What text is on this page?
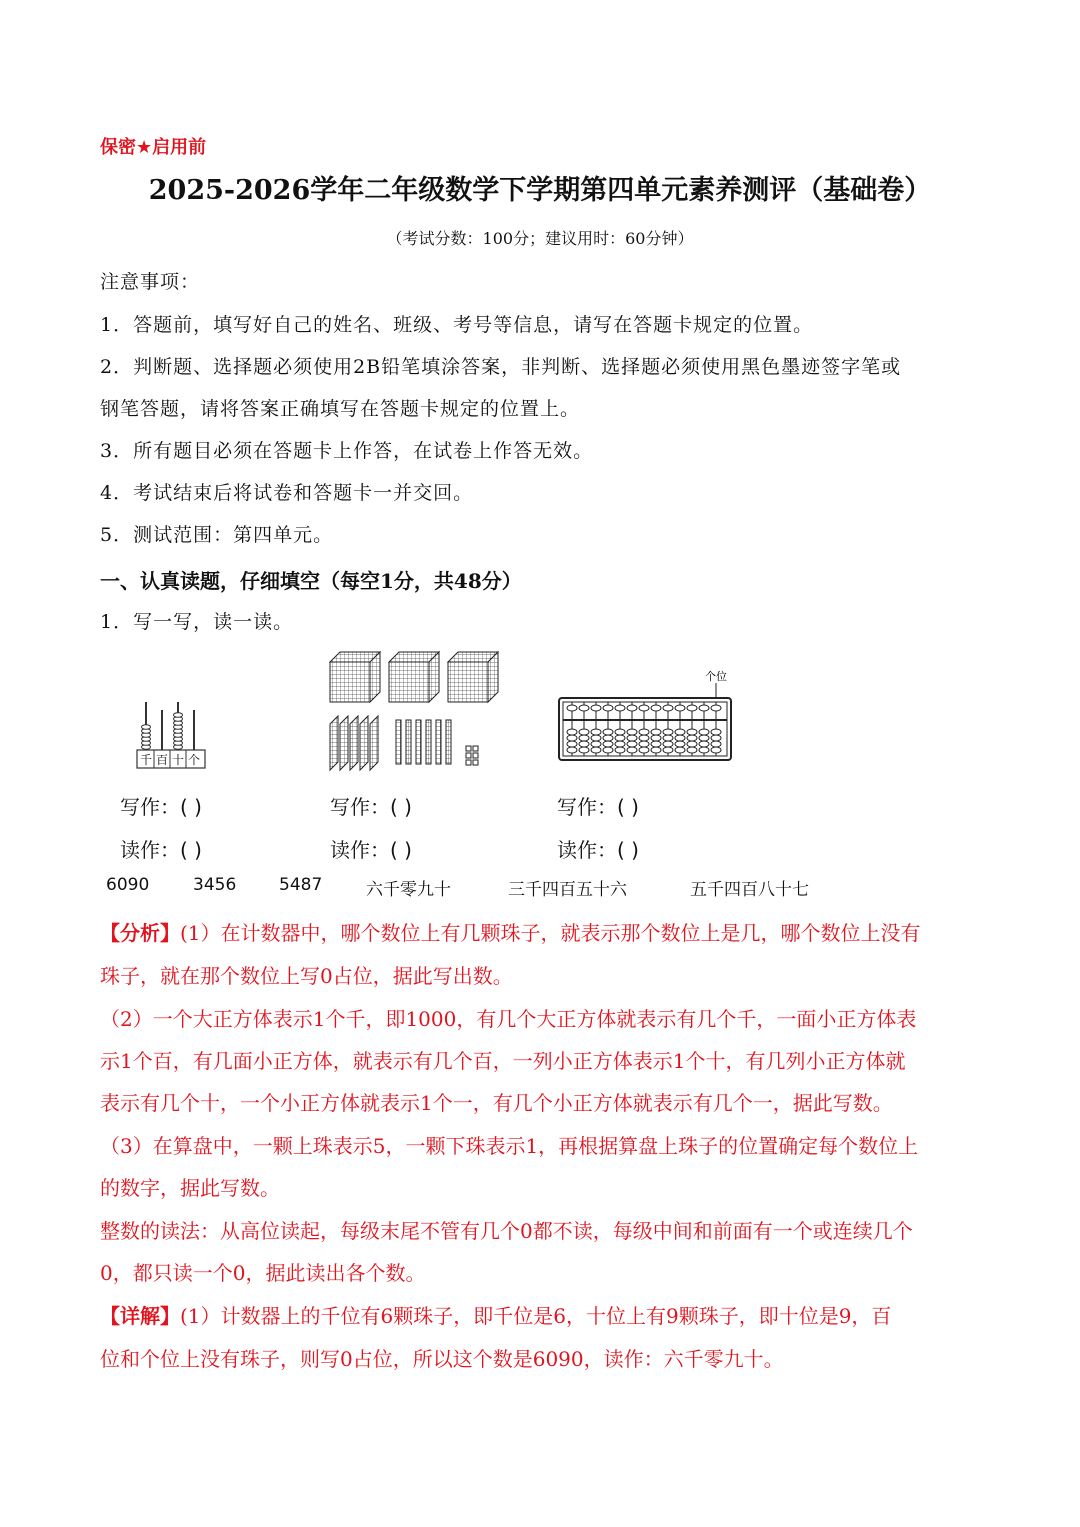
保密★启用前
2025-2026学年二年级数学下学期第四单元素养测评（基础卷）
（考试分数：100分；建议用时：60分钟）
注意事项：
1．答题前，填写好自己的姓名、班级、考号等信息，请写在答题卡规定的位置。
2．判断题、选择题必须使用2B铅笔填涂答案，非判断、选择题必须使用黑色墨迹签字笔或
钢笔答题，请将答案正确填写在答题卡规定的位置上。
3．所有题目必须在答题卡上作答，在试卷上作答无效。
4．考试结束后将试卷和答题卡一并交回。
5．测试范围：第四单元。
一、认真读题，仔细填空（每空1分，共48分）
1．写一写，读一读。
千 百 十 个
个位
写作：( )	写作：( )	写作：( )
读作：( )	读作：( )	读作：( )
6090	3456	5487	六千零九十	三千四百五十六	五千四百八十七
【分析】(1）在计数器中，哪个数位上有几颗珠子，就表示那个数位上是几，哪个数位上没有
珠子，就在那个数位上写0占位，据此写出数。
（2）一个大正方体表示1个千，即1000，有几个大正方体就表示有几个千，一面小正方体表
示1个百，有几面小正方体，就表示有几个百，一列小正方体表示1个十，有几列小正方体就
表示有几个十，一个小正方体就表示1个一，有几个小正方体就表示有几个一，据此写数。
（3）在算盘中，一颗上珠表示5，一颗下珠表示1，再根据算盘上珠子的位置确定每个数位上
的数字，据此写数。
整数的读法：从高位读起，每级末尾不管有几个0都不读，每级中间和前面有一个或连续几个
0，都只读一个0，据此读出各个数。
【详解】(1）计数器上的千位有6颗珠子，即千位是6，十位上有9颗珠子，即十位是9，百
位和个位上没有珠子，则写0占位，所以这个数是6090，读作：六千零九十。
